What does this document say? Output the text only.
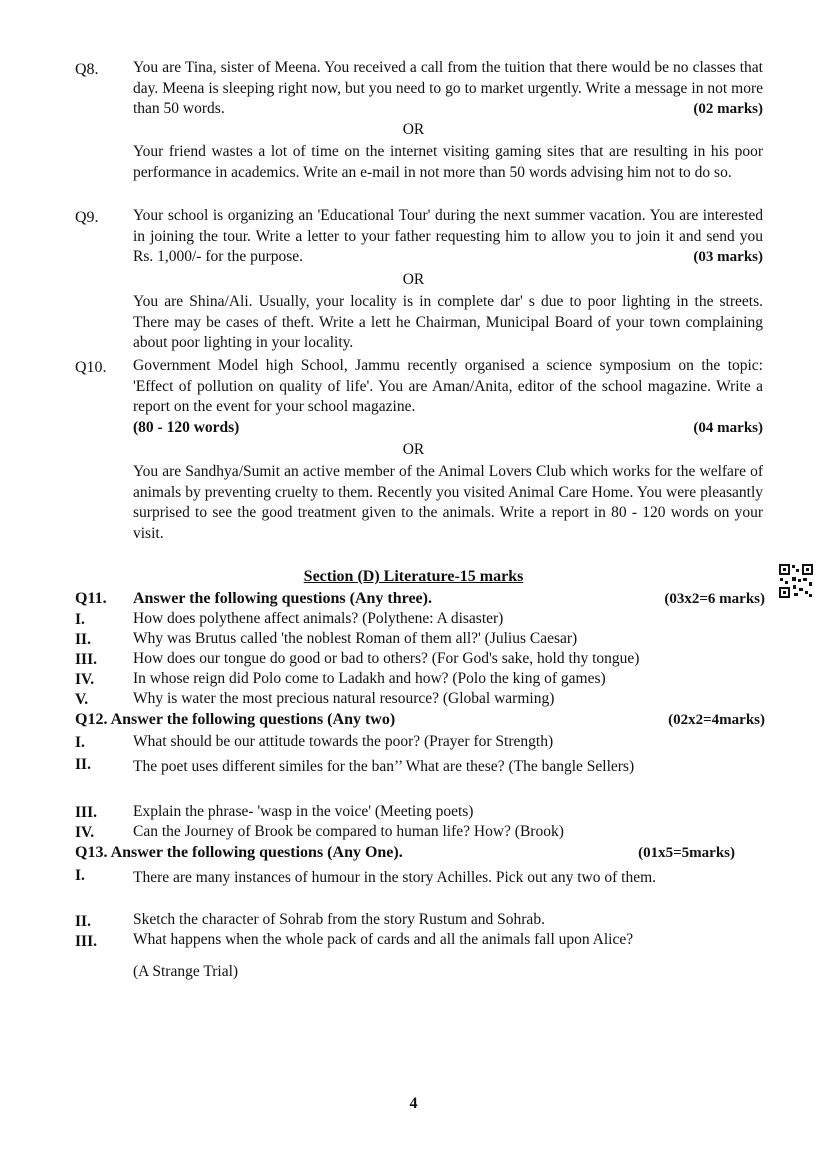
Q8. You are Tina, sister of Meena. You received a call from the tuition that there would be no classes that day. Meena is sleeping right now, but you need to go to market urgently. Write a message in not more than 50 words.	(02 marks)
OR
Your friend wastes a lot of time on the internet visiting gaming sites that are resulting in his poor performance in academics. Write an e-mail in not more than 50 words advising him not to do so.
Q9. Your school is organizing an 'Educational Tour' during the next summer vacation. You are interested in joining the tour. Write a letter to your father requesting him to allow you to join it and send you Rs. 1,000/- for the purpose.	(03 marks)
OR
You are Shina/Ali. Usually, your locality is in complete dar' s due to poor lighting in the streets. There may be cases of theft. Write a lett he Chairman, Municipal Board of your town complaining about poor lighting in your locality.
Q10. Government Model high School, Jammu recently organised a science symposium on the topic: 'Effect of pollution on quality of life'. You are Aman/Anita, editor of the school magazine. Write a report on the event for your school magazine.
(80 - 120 words)	(04 marks)
OR
You are Sandhya/Sumit an active member of the Animal Lovers Club which works for the welfare of animals by preventing cruelty to them. Recently you visited Animal Care Home. You were pleasantly surprised to see the good treatment given to the animals. Write a report in 80 - 120 words on your visit.
Section (D) Literature-15 marks
Q11. Answer the following questions (Any three).	(03x2=6 marks)
I.	How does polythene affect animals? (Polythene: A disaster)
II.	Why was Brutus called 'the noblest Roman of them all?' (Julius Caesar)
III. How does our tongue do good or bad to others? (For God's sake, hold thy tongue)
IV.	In whose reign did Polo come to Ladakh and how? (Polo the king of games)
V.	Why is water the most precious natural resource? (Global warming)
Q12. Answer the following questions (Any two)	(02x2=4marks)
I.	What should be our attitude towards the poor? (Prayer for Strength)
II.	The poet uses different similes for the ban’’ What are these? (The bangle Sellers)
III. Explain the phrase- 'wasp in the voice' (Meeting poets)
IV.	Can the Journey of Brook be compared to human life? How? (Brook)
Q13. Answer the following questions (Any One).	(01x5=5marks)
I.	There are many instances of humour in the story Achilles. Pick out any two of them.
II.	Sketch the character of Sohrab from the story Rustum and Sohrab.
III. What happens when the whole pack of cards and all the animals fall upon Alice?
(A Strange Trial)
4
